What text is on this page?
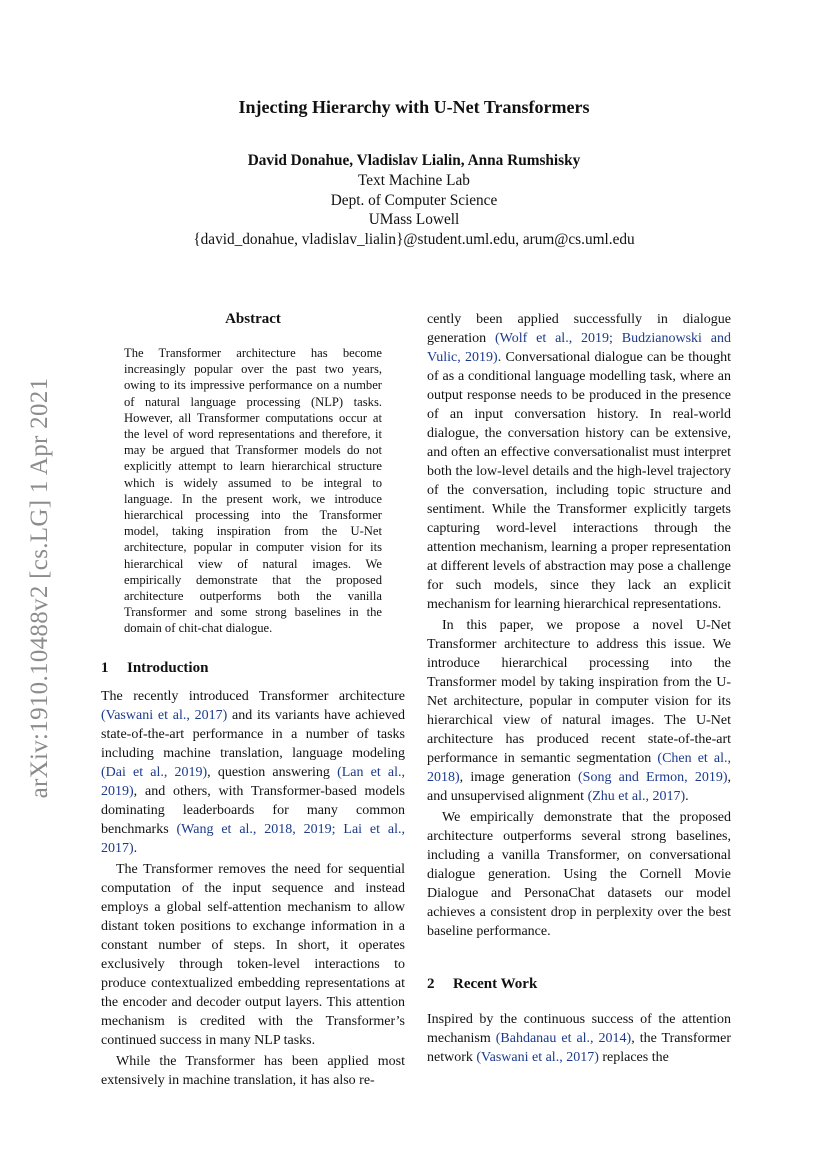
arXiv:1910.10488v2 [cs.LG] 1 Apr 2021
Injecting Hierarchy with U-Net Transformers
David Donahue, Vladislav Lialin, Anna Rumshisky
Text Machine Lab
Dept. of Computer Science
UMass Lowell
{david_donahue, vladislav_lialin}@student.uml.edu, arum@cs.uml.edu
Abstract
The Transformer architecture has become increasingly popular over the past two years, owing to its impressive performance on a number of natural language processing (NLP) tasks. However, all Transformer computations occur at the level of word representations and therefore, it may be argued that Transformer models do not explicitly attempt to learn hierarchical structure which is widely assumed to be integral to language. In the present work, we introduce hierarchical processing into the Transformer model, taking inspiration from the U-Net architecture, popular in computer vision for its hierarchical view of natural images. We empirically demonstrate that the proposed architecture outperforms both the vanilla Transformer and some strong baselines in the domain of chit-chat dialogue.
1 Introduction

The recently introduced Transformer architecture (Vaswani et al., 2017) and its variants have achieved state-of-the-art performance in a number of tasks including machine translation, language modeling (Dai et al., 2019), question answering (Lan et al., 2019), and others, with Transformer-based models dominating leaderboards for many common benchmarks (Wang et al., 2018, 2019; Lai et al., 2017).

The Transformer removes the need for sequential computation of the input sequence and instead employs a global self-attention mechanism to allow distant token positions to exchange information in a constant number of steps. In short, it operates exclusively through token-level interactions to produce contextualized embedding representations at the encoder and decoder output layers. This attention mechanism is credited with the Transformer’s continued success in many NLP tasks.

While the Transformer has been applied most extensively in machine translation, it has also re-

cently been applied successfully in dialogue generation (Wolf et al., 2019; Budzianowski and Vulic, 2019). Conversational dialogue can be thought of as a conditional language modelling task, where an output response needs to be produced in the presence of an input conversation history. In real-world dialogue, the conversation history can be extensive, and often an effective conversationalist must interpret both the low-level details and the high-level trajectory of the conversation, including topic structure and sentiment. While the Transformer explicitly targets capturing word-level interactions through the attention mechanism, learning a proper representation at different levels of abstraction may pose a challenge for such models, since they lack an explicit mechanism for learning hierarchical representations.

In this paper, we propose a novel U-Net Transformer architecture to address this issue. We introduce hierarchical processing into the Transformer model by taking inspiration from the U-Net architecture, popular in computer vision for its hierarchical view of natural images. The U-Net architecture has produced recent state-of-the-art performance in semantic segmentation (Chen et al., 2018), image generation (Song and Ermon, 2019), and unsupervised alignment (Zhu et al., 2017).

We empirically demonstrate that the proposed architecture outperforms several strong baselines, including a vanilla Transformer, on conversational dialogue generation. Using the Cornell Movie Dialogue and PersonaChat datasets our model achieves a consistent drop in perplexity over the best baseline performance.

2 Recent Work

Inspired by the continuous success of the attention mechanism (Bahdanau et al., 2014), the Transformer network (Vaswani et al., 2017) replaces the
